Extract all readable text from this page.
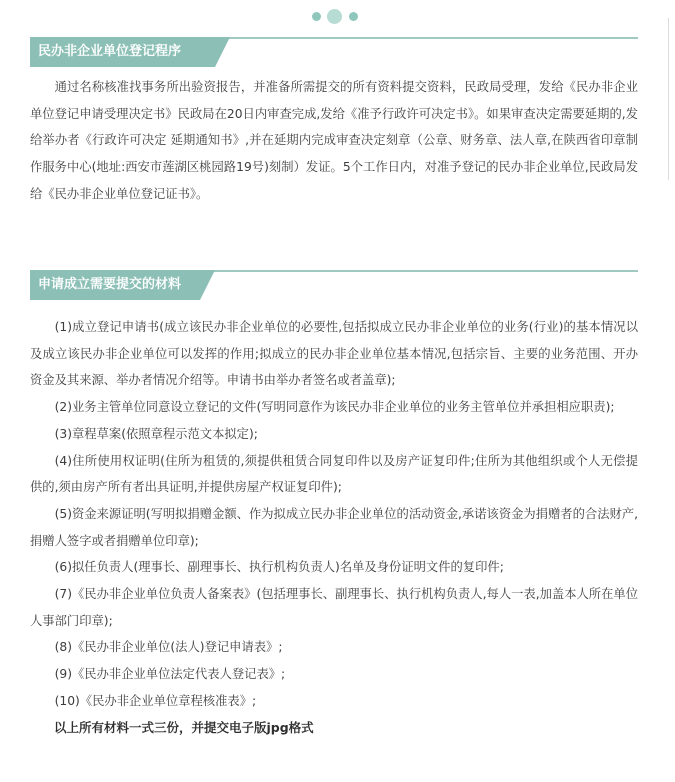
民办非企业单位登记程序

通过名称核准找事务所出验资报告，并准备所需提交的所有资料提交资料，民政局受理，发给《民办非企业单位登记申请受理决定书》民政局在20日内审查完成,发给《准予行政许可决定书》。如果审查决定需要延期的,发给举办者《行政许可决定 延期通知书》,并在延期内完成审查决定刻章（公章、财务章、法人章,在陕西省印章制作服务中心(地址:西安市莲湖区桃园路19号)刻制）发证。5个工作日内，对准予登记的民办非企业单位,民政局发给《民办非企业单位登记证书》。

申请成立需要提交的材料

(1)成立登记申请书(成立该民办非企业单位的必要性,包括拟成立民办非企业单位的业务(行业)的基本情况以及成立该民办非企业单位可以发挥的作用;拟成立的民办非企业单位基本情况,包括宗旨、主要的业务范围、开办资金及其来源、举办者情况介绍等。申请书由举办者签名或者盖章);

(2)业务主管单位同意设立登记的文件(写明同意作为该民办非企业单位的业务主管单位并承担相应职责);

(3)章程草案(依照章程示范文本拟定);

(4)住所使用权证明(住所为租赁的,须提供租赁合同复印件以及房产证复印件;住所为其他组织或个人无偿提供的,须由房产所有者出具证明,并提供房屋产权证复印件);

(5)资金来源证明(写明拟捐赠金额、作为拟成立民办非企业单位的活动资金,承诺该资金为捐赠者的合法财产,捐赠人签字或者捐赠单位印章);

(6)拟任负责人(理事长、副理事长、执行机构负责人)名单及身份证明文件的复印件;

(7)《民办非企业单位负责人备案表》(包括理事长、副理事长、执行机构负责人,每人一表,加盖本人所在单位人事部门印章);

(8)《民办非企业单位(法人)登记申请表》;

(9)《民办非企业单位法定代表人登记表》;

(10)《民办非企业单位章程核准表》;

以上所有材料一式三份，并提交电子版jpg格式
